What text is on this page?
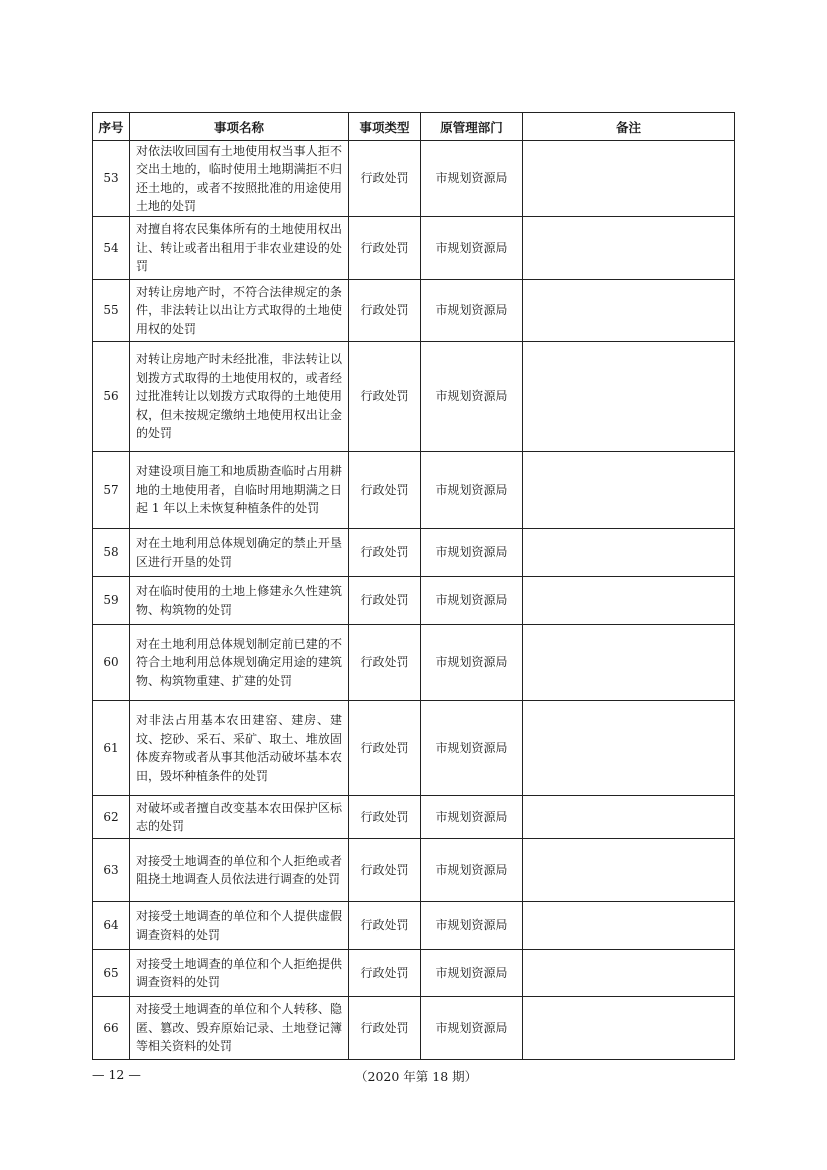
序号	事项名称	事项类型	原管理部门	备注
53	对依法收回国有土地使用权当事人拒不交出土地的，临时使用土地期满拒不归还土地的，或者不按照批准的用途使用土地的处罚	行政处罚	市规划资源局	
54	对擅自将农民集体所有的土地使用权出让、转让或者出租用于非农业建设的处罚	行政处罚	市规划资源局	
55	对转让房地产时，不符合法律规定的条件，非法转让以出让方式取得的土地使用权的处罚	行政处罚	市规划资源局	
56	对转让房地产时未经批准，非法转让以划拨方式取得的土地使用权的，或者经过批准转让以划拨方式取得的土地使用权，但未按规定缴纳土地使用权出让金的处罚	行政处罚	市规划资源局	
57	对建设项目施工和地质勘查临时占用耕地的土地使用者，自临时用地期满之日起 1 年以上未恢复种植条件的处罚	行政处罚	市规划资源局	
58	对在土地利用总体规划确定的禁止开垦区进行开垦的处罚	行政处罚	市规划资源局	
59	对在临时使用的土地上修建永久性建筑物、构筑物的处罚	行政处罚	市规划资源局	
60	对在土地利用总体规划制定前已建的不符合土地利用总体规划确定用途的建筑物、构筑物重建、扩建的处罚	行政处罚	市规划资源局	
61	对非法占用基本农田建窑、建房、建坟、挖砂、采石、采矿、取土、堆放固体废弃物或者从事其他活动破坏基本农田，毁坏种植条件的处罚	行政处罚	市规划资源局	
62	对破坏或者擅自改变基本农田保护区标志的处罚	行政处罚	市规划资源局	
63	对接受土地调查的单位和个人拒绝或者阻挠土地调查人员依法进行调查的处罚	行政处罚	市规划资源局	
64	对接受土地调查的单位和个人提供虚假调查资料的处罚	行政处罚	市规划资源局	
65	对接受土地调查的单位和个人拒绝提供调查资料的处罚	行政处罚	市规划资源局	
66	对接受土地调查的单位和个人转移、隐匿、篡改、毁弃原始记录、土地登记簿等相关资料的处罚	行政处罚	市规划资源局	
— 12 —	（2020 年第 18 期）
